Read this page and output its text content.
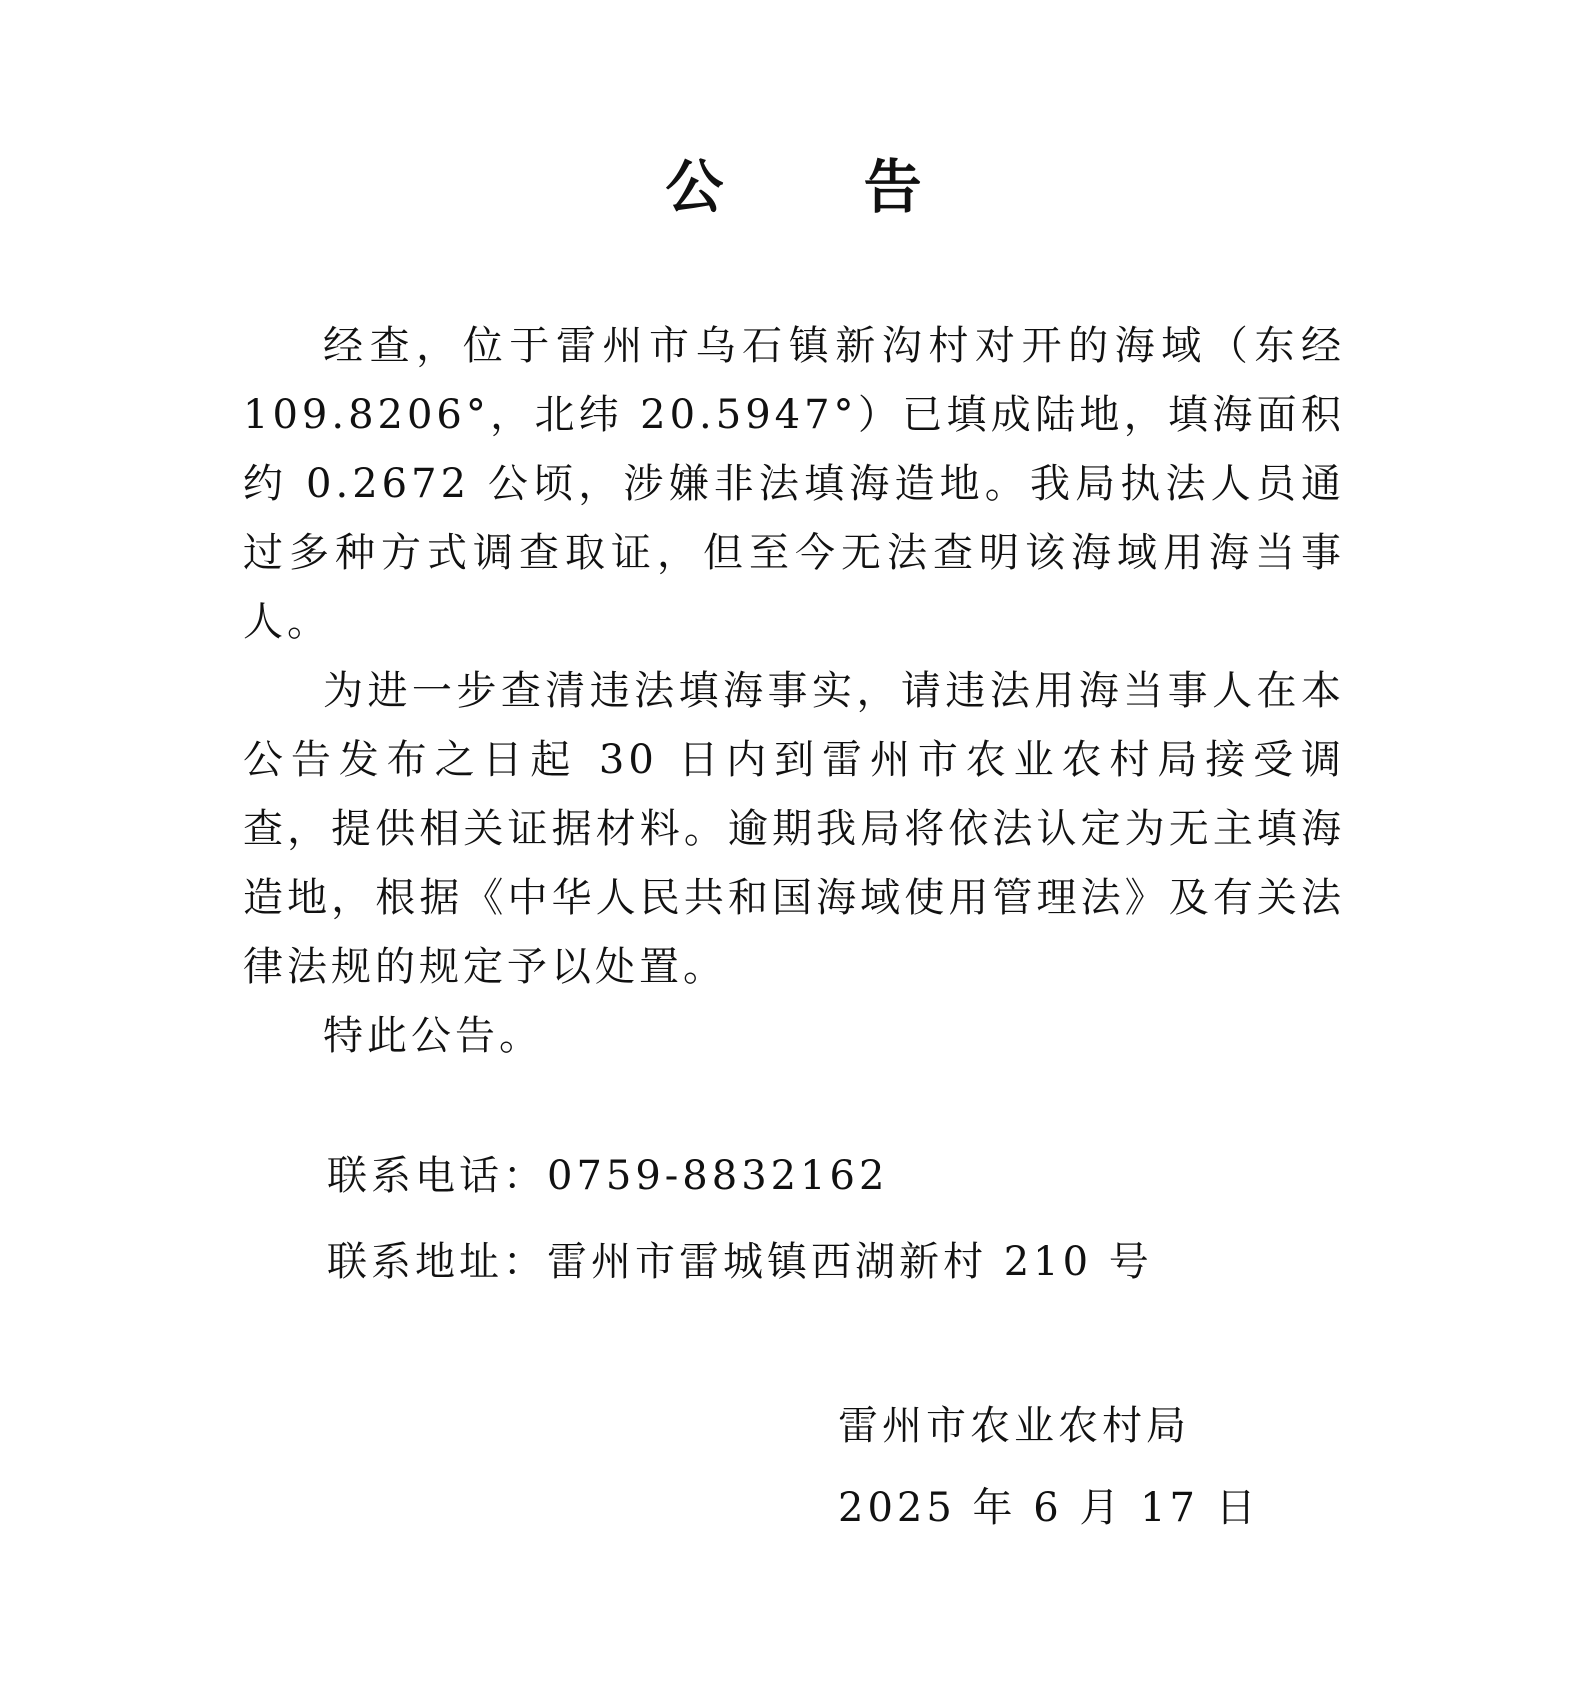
公 告

经查，位于雷州市乌石镇新沟村对开的海域（东经 109.8206°，北纬 20.5947°）已填成陆地，填海面积约 0.2672 公顷，涉嫌非法填海造地。我局执法人员通过多种方式调查取证，但至今无法查明该海域用海当事人。

为进一步查清违法填海事实，请违法用海当事人在本公告发布之日起 30 日内到雷州市农业农村局接受调查，提供相关证据材料。逾期我局将依法认定为无主填海造地，根据《中华人民共和国海域使用管理法》及有关法律法规的规定予以处置。

特此公告。

联系电话：0759-8832162
联系地址：雷州市雷城镇西湖新村 210 号
雷州市农业农村局
2025 年 6 月 17 日
